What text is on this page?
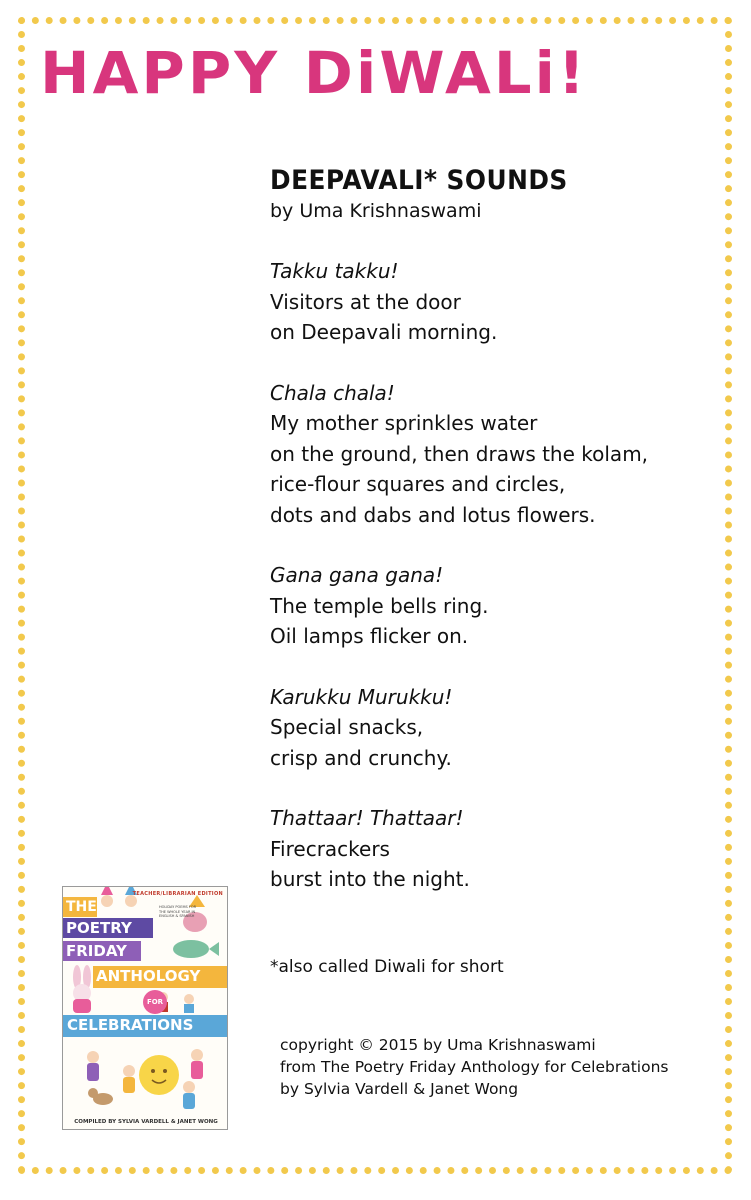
HAPPY DiWALi!
DEEPAVALI* SOUNDS

by Uma Krishnaswami

Takku takku!
Visitors at the door
on Deepavali morning.
Chala chala!
My mother sprinkles water
on the ground, then draws the kolam,
rice-flour squares and circles,
dots and dabs and lotus flowers.
Gana gana gana!
The temple bells ring.
Oil lamps flicker on.
Karukku Murukku!
Special snacks,
crisp and crunchy.
Thattaar! Thattaar!
Firecrackers
burst into the night.
*also called Diwali for short
copyright © 2015 by Uma Krishnaswami
from The Poetry Friday Anthology for Celebrations
by Sylvia Vardell & Janet Wong
TEACHER/LIBRARIAN EDITION
HOLIDAY POEMS FOR THE WHOLE YEAR IN ENGLISH & SPANISH
THE
POETRY
FRIDAY
ANTHOLOGY
FOR
CELEBRATIONS
COMPILED BY SYLVIA VARDELL & JANET WONG
